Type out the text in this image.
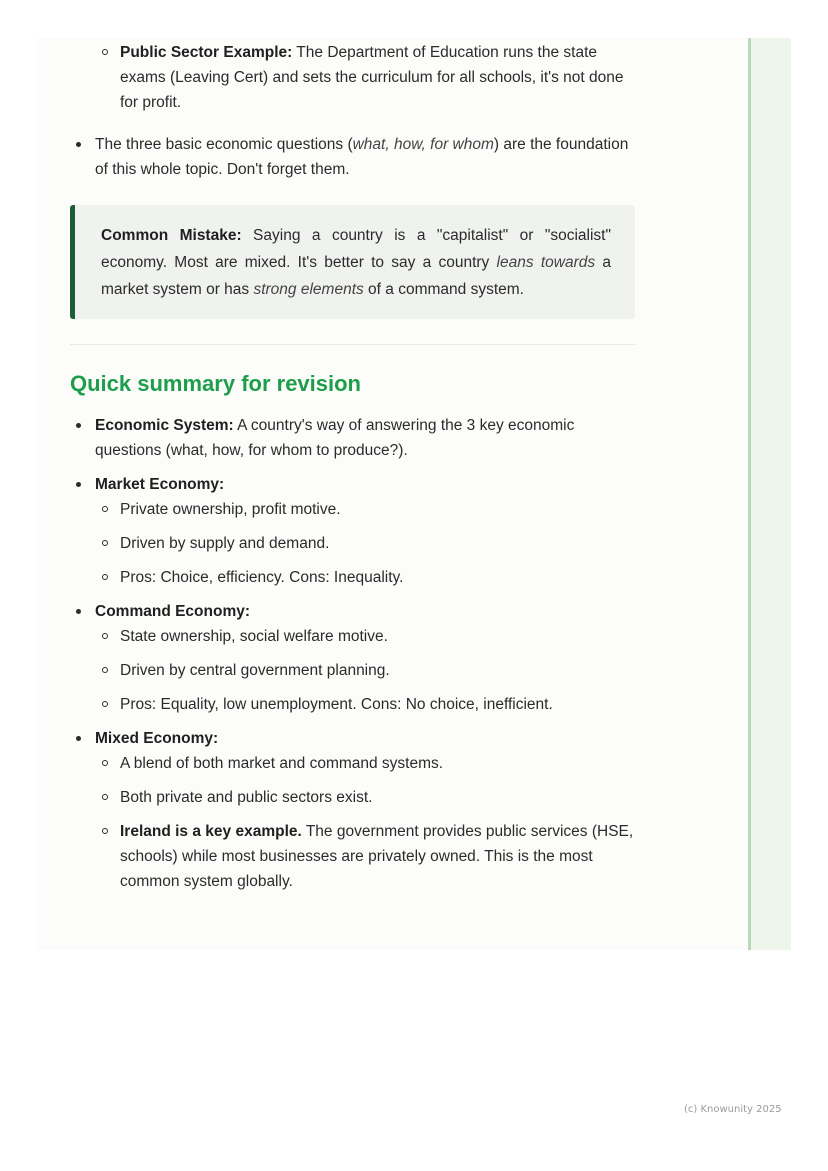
Public Sector Example: The Department of Education runs the state exams (Leaving Cert) and sets the curriculum for all schools, it's not done for profit.
The three basic economic questions (what, how, for whom) are the foundation of this whole topic. Don't forget them.
Common Mistake: Saying a country is a "capitalist" or "socialist" economy. Most are mixed. It's better to say a country leans towards a market system or has strong elements of a command system.
Quick summary for revision
Economic System: A country's way of answering the 3 key economic questions (what, how, for whom to produce?).
Market Economy:
Private ownership, profit motive.
Driven by supply and demand.
Pros: Choice, efficiency. Cons: Inequality.
Command Economy:
State ownership, social welfare motive.
Driven by central government planning.
Pros: Equality, low unemployment. Cons: No choice, inefficient.
Mixed Economy:
A blend of both market and command systems.
Both private and public sectors exist.
Ireland is a key example. The government provides public services (HSE, schools) while most businesses are privately owned. This is the most common system globally.
(c) Knowunity 2025
